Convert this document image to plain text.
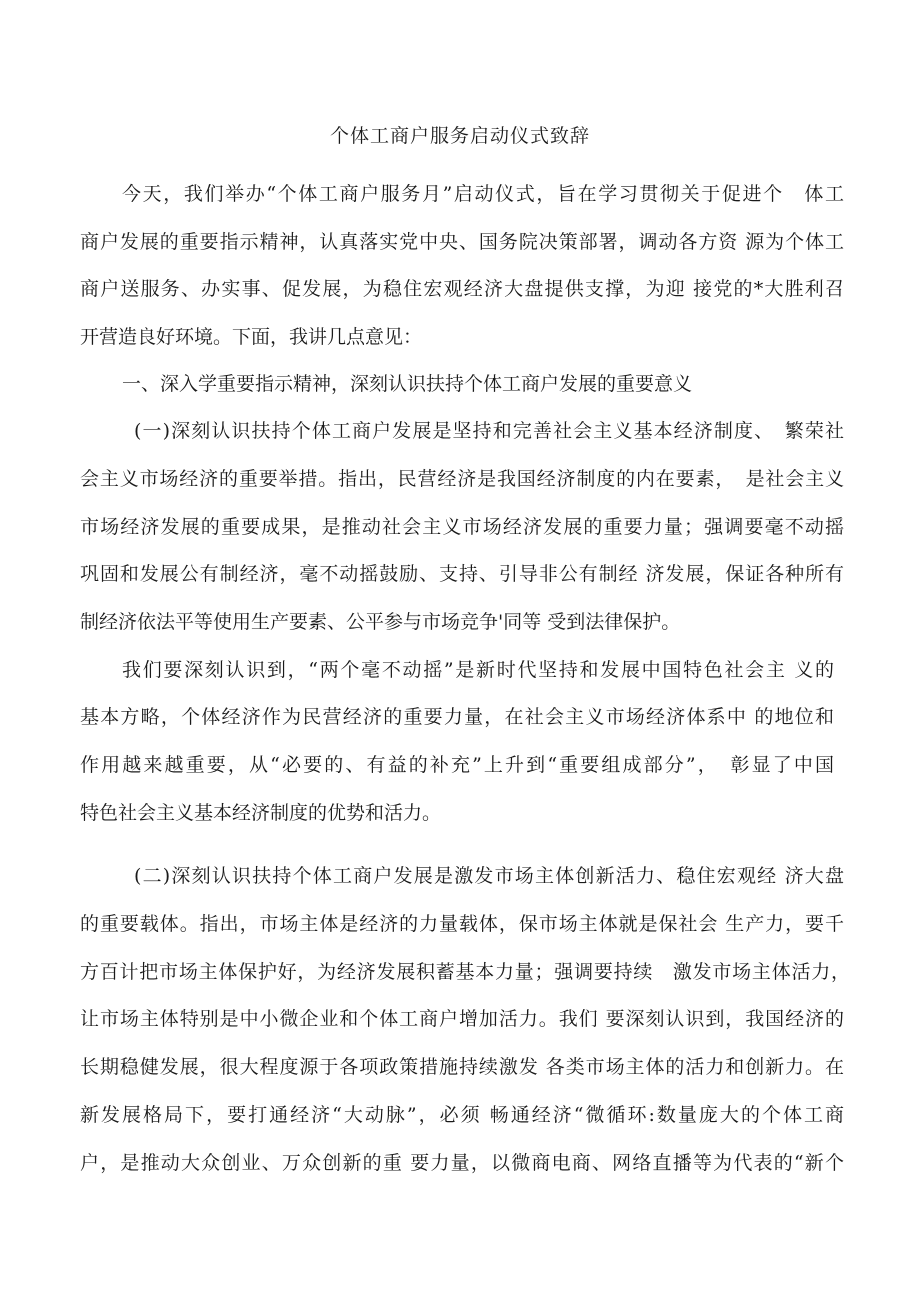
个体工商户服务启动仪式致辞
今天，我们举办“个体工商户服务月”启动仪式，旨在学习贯彻关于促进个　体工
商户发展的重要指示精神，认真落实党中央、国务院决策部署，调动各方资 源为个体工
商户送服务、办实事、促发展，为稳住宏观经济大盘提供支撑，为迎 接党的*大胜利召
开营造良好环境。下面，我讲几点意见：
一、深入学重要指示精神，深刻认识扶持个体工商户发展的重要意义
(一)深刻认识扶持个体工商户发展是坚持和完善社会主义基本经济制度、　繁荣社
会主义市场经济的重要举措。指出，民营经济是我国经济制度的内在要素，　是社会主义
市场经济发展的重要成果，是推动社会主义市场经济发展的重要力量；强调要毫不动摇
巩固和发展公有制经济，毫不动摇鼓励、支持、引导非公有制经 济发展，保证各种所有
制经济依法平等使用生产要素、公平参与市场竞争'同等 受到法律保护。
我们要深刻认识到，“两个毫不动摇”是新时代坚持和发展中国特色社会主 义的
基本方略，个体经济作为民营经济的重要力量，在社会主义市场经济体系中 的地位和
作用越来越重要，从“必要的、有益的补充”上升到“重要组成部分”，　彰显了中国
特色社会主义基本经济制度的优势和活力。
(二)深刻认识扶持个体工商户发展是激发市场主体创新活力、稳住宏观经 济大盘
的重要载体。指出，市场主体是经济的力量载体，保市场主体就是保社会 生产力，要千
方百计把市场主体保护好，为经济发展积蓄基本力量；强调要持续　激发市场主体活力，
让市场主体特别是中小微企业和个体工商户增加活力。我们 要深刻认识到，我国经济的
长期稳健发展，很大程度源于各项政策措施持续激发 各类市场主体的活力和创新力。在
新发展格局下，要打通经济“大动脉”，必须 畅通经济“微循环:数量庞大的个体工商
户，是推动大众创业、万众创新的重 要力量，以微商电商、网络直播等为代表的“新个
